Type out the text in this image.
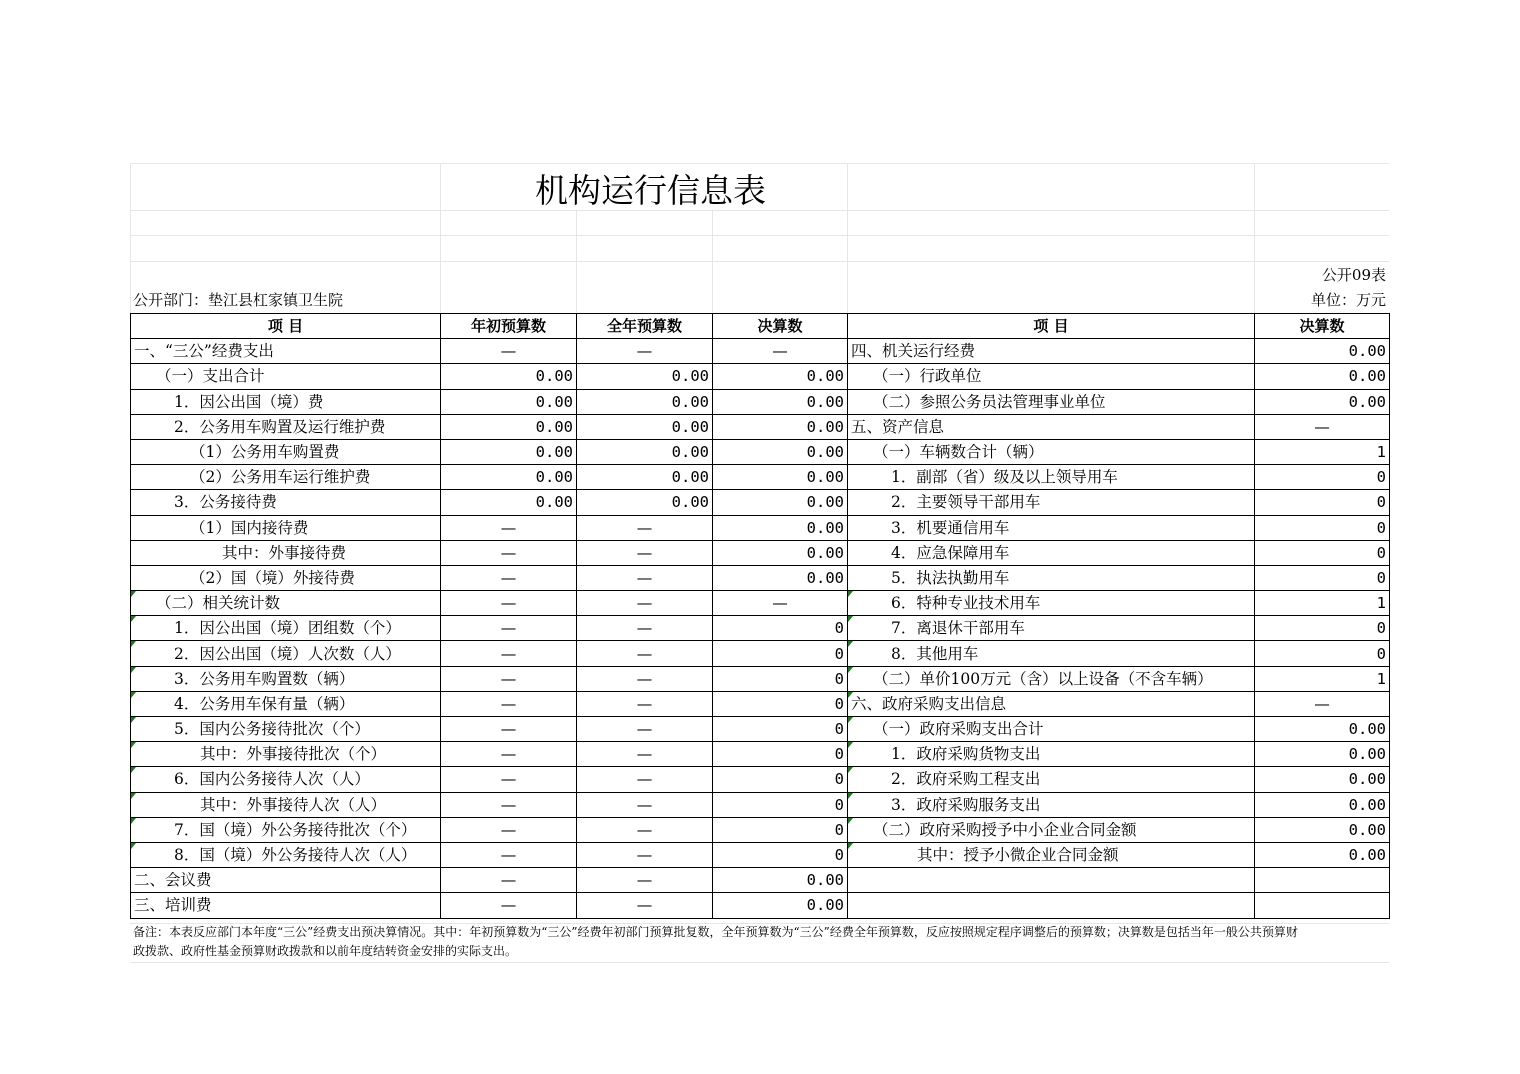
机构运行信息表
公开09表
单位：万元
公开部门：垫江县杠家镇卫生院
项 目	年初预算数	全年预算数	决算数	项 目	决算数
一、“三公”经费支出	—	—	—	四、机关运行经费	0.00
（一）支出合计	0.00	0.00	0.00	（一）行政单位	0.00
1．因公出国（境）费	0.00	0.00	0.00	（二）参照公务员法管理事业单位	0.00
2．公务用车购置及运行维护费	0.00	0.00	0.00	五、资产信息	—
（1）公务用车购置费	0.00	0.00	0.00	（一）车辆数合计（辆）	1
（2）公务用车运行维护费	0.00	0.00	0.00	1．副部（省）级及以上领导用车	0
3．公务接待费	0.00	0.00	0.00	2．主要领导干部用车	0
（1）国内接待费	—	—	0.00	3．机要通信用车	0
其中：外事接待费	—	—	0.00	4．应急保障用车	0
（2）国（境）外接待费	—	—	0.00	5．执法执勤用车	0
（二）相关统计数	—	—	—	6．特种专业技术用车	1
1．因公出国（境）团组数（个）	—	—	0	7．离退休干部用车	0
2．因公出国（境）人次数（人）	—	—	0	8．其他用车	0
3．公务用车购置数（辆）	—	—	0	（二）单价100万元（含）以上设备（不含车辆）	1
4．公务用车保有量（辆）	—	—	0	六、政府采购支出信息	—
5．国内公务接待批次（个）	—	—	0	（一）政府采购支出合计	0.00
其中：外事接待批次（个）	—	—	0	1．政府采购货物支出	0.00
6．国内公务接待人次（人）	—	—	0	2．政府采购工程支出	0.00
其中：外事接待人次（人）	—	—	0	3．政府采购服务支出	0.00
7．国（境）外公务接待批次（个）	—	—	0	（二）政府采购授予中小企业合同金额	0.00
8．国（境）外公务接待人次（人）	—	—	0	其中：授予小微企业合同金额	0.00
二、会议费	—	—	0.00		
三、培训费	—	—	0.00		
备注：本表反应部门本年度“三公”经费支出预决算情况。其中：年初预算数为“三公”经费年初部门预算批复数，全年预算数为“三公”经费全年预算数，反应按照规定程序调整后的预算数；决算数是包括当年一般公共预算财
政拨款、政府性基金预算财政拨款和以前年度结转资金安排的实际支出。
